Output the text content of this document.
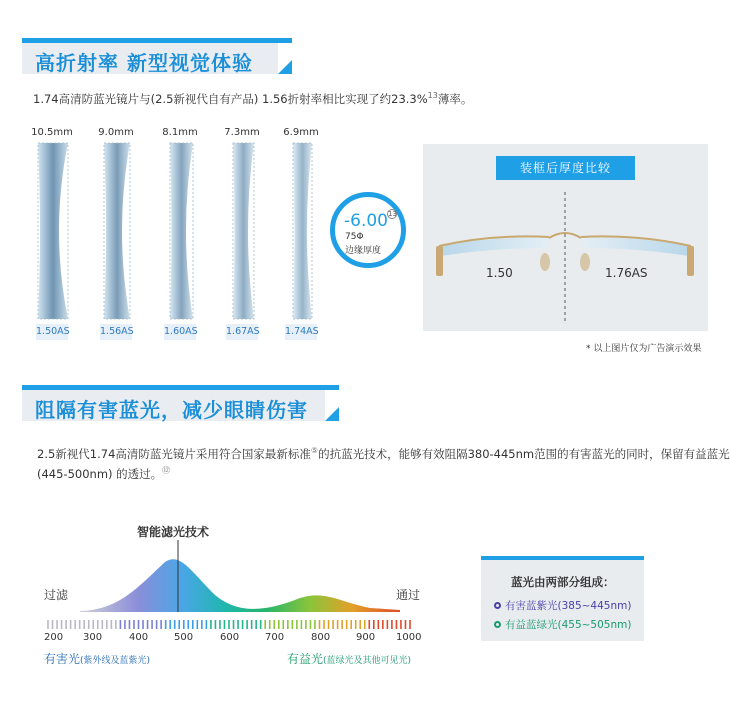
高折射率 新型视觉体验
1.74高清防蓝光镜片与(2.5新视代自有产品) 1.56折射率相比实现了约23.3%$^{13}$薄率。
10.5mm
1.50AS
9.0mm
1.56AS
8.1mm
1.60AS
7.3mm
1.67AS
6.9mm
1.74AS
-6.00 13
75Φ
边缘厚度
装框后厚度比较
1.50	1.76AS
* 以上图片仅为广告演示效果
阻隔有害蓝光，减少眼睛伤害
2.5新视代1.74高清防蓝光镜片采用符合国家最新标准⑤的抗蓝光技术，能够有效阻隔380-445nm范围的有害蓝光的同时，保留有益蓝光
(445-500nm) 的透过。⑫
智能滤光技术
过滤	通过
200 300	400	500	600	700	800	900 1000
有害光(紫外线及蓝紫光)	有益光(蓝绿光及其他可见光)
蓝光由两部分组成：
有害蓝紫光(385~445nm)
有益蓝绿光(455~505nm)
